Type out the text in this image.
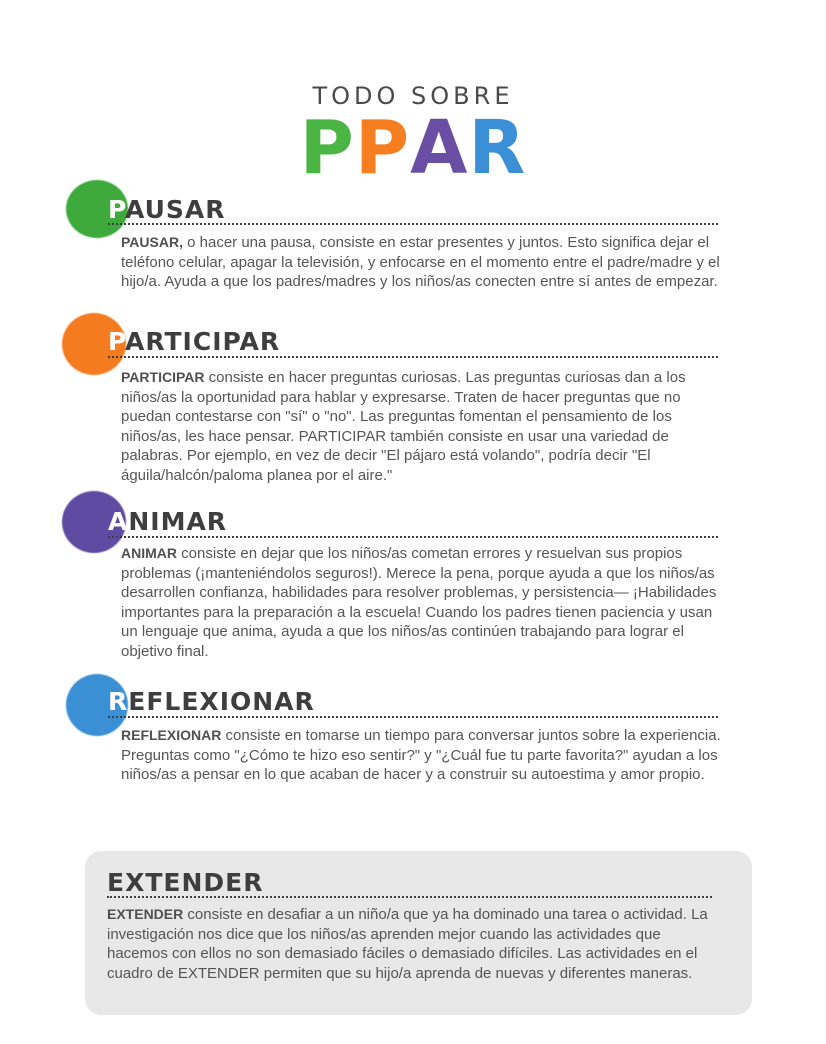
TODO SOBRE
PPAR
PAUSAR
PAUSAR, o hacer una pausa, consiste en estar presentes y juntos. Esto significa dejar el teléfono celular, apagar la televisión, y enfocarse en el momento entre el padre/madre y el hijo/a. Ayuda a que los padres/madres y los niños/as conecten entre sí antes de empezar.
PARTICIPAR
PARTICIPAR consiste en hacer preguntas curiosas. Las preguntas curiosas dan a los niños/as la oportunidad para hablar y expresarse. Traten de hacer preguntas que no puedan contestarse con "sí" o "no". Las preguntas fomentan el pensamiento de los niños/as, les hace pensar. PARTICIPAR también consiste en usar una variedad de palabras. Por ejemplo, en vez de decir "El pájaro está volando", podría decir "El águila/halcón/paloma planea por el aire."
ANIMAR
ANIMAR consiste en dejar que los niños/as cometan errores y resuelvan sus propios problemas (¡manteniéndolos seguros!). Merece la pena, porque ayuda a que los niños/as desarrollen confianza, habilidades para resolver problemas, y persistencia— ¡Habilidades importantes para la preparación a la escuela! Cuando los padres tienen paciencia y usan un lenguaje que anima, ayuda a que los niños/as continúen trabajando para lograr el objetivo final.
REFLEXIONAR
REFLEXIONAR consiste en tomarse un tiempo para conversar juntos sobre la experiencia. Preguntas como "¿Cómo te hizo eso sentir?" y "¿Cuál fue tu parte favorita?" ayudan a los niños/as a pensar en lo que acaban de hacer y a construir su autoestima y amor propio.
EXTENDER
EXTENDER consiste en desafiar a un niño/a que ya ha dominado una tarea o actividad. La investigación nos dice que los niños/as aprenden mejor cuando las actividades que hacemos con ellos no son demasiado fáciles o demasiado difíciles. Las actividades en el cuadro de EXTENDER permiten que su hijo/a aprenda de nuevas y diferentes maneras.
